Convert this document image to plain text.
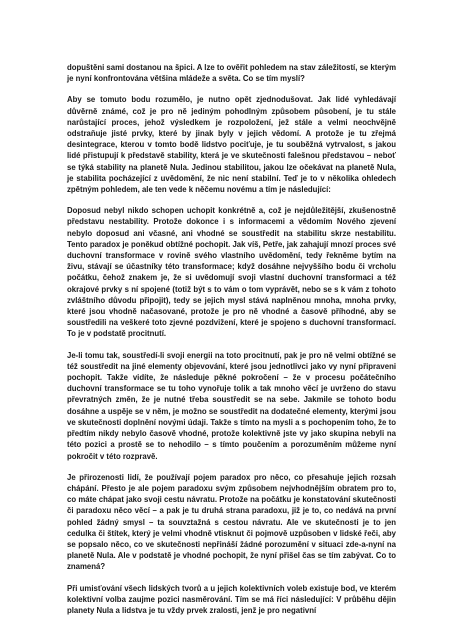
dopuštěni sami dostanou na špici. A lze to ověřit pohledem na stav záležitostí, se kterým je nyní konfrontována většina mládeže a světa. Co se tím myslí?

Aby se tomuto bodu rozumělo, je nutno opět zjednodušovat. Jak lidé vyhledávají důvěrně známé, což je pro ně jediným pohodlným způsobem působení, je tu stále narůstající proces, jehož výsledkem je rozpoložení, jež stále a velmi neochvějně odstraňuje jisté prvky, které by jinak byly v jejich vědomí. A protože je tu zřejmá desintegrace, kterou v tomto bodě lidstvo pociťuje, je tu souběžná vytrvalost, s jakou lidé přistupují k představě stability, která je ve skutečnosti falešnou představou – neboť se týká stability na planetě Nula. Jedinou stabilitou, jakou lze očekávat na planetě Nula, je stabilita pocházející z uvědomění, že nic není stabilní. Teď je to v několika ohledech zpětným pohledem, ale ten vede k něčemu novému a tím je následující:

Doposud nebyl nikdo schopen uchopit konkrétně a, což je nejdůležitější, zkušenostně představu nestability. Protože dokonce i s informacemi a vědomím Nového zjevení nebylo doposud ani včasné, ani vhodné se soustředit na stabilitu skrze nestabilitu. Tento paradox je poněkud obtížné pochopit. Jak víš, Petře, jak zahajují mnozí proces své duchovní transformace v rovině svého vlastního uvědomění, tedy řekněme bytím na živu, stávají se účastníky této transformace; když dosáhne nejvyššího bodu či vrcholu počátku, čehož znakem je, že si uvědomují svoji vlastní duchovní transformaci a též okrajové prvky s ní spojené (totiž být s to vám o tom vyprávět, nebo se s k vám z tohoto zvláštního důvodu připojit), tedy se jejich mysl stává naplněnou mnoha, mnoha prvky, které jsou vhodně načasované, protože je pro ně vhodné a časově příhodné, aby se soustředili na veškeré toto zjevné pozdvižení, které je spojeno s duchovní transformací. To je v podstatě procitnutí.

Je-li tomu tak, soustředí-li svoji energii na toto procitnutí, pak je pro ně velmi obtížné se též soustředit na jiné elementy objevování, které jsou jednotlivci jako vy nyní připraveni pochopit. Takže vidíte, že následuje pěkné pokročení – že v procesu počátečního duchovní transformace se tu toho vynořuje tolik a tak mnoho věcí je uvrženo do stavu převratných změn, že je nutné třeba soustředit se na sebe. Jakmile se tohoto bodu dosáhne a uspěje se v něm, je možno se soustředit na dodatečné elementy, kterými jsou ve skutečnosti doplnění novými údaji. Takže s tímto na mysli a s pochopením toho, že to předtím nikdy nebylo časově vhodné, protože kolektivně jste vy jako skupina nebyli na této pozici a prostě se to nehodilo – s tímto poučením a porozuměním můžeme nyní pokročit v této rozpravě.

Je přirozenosti lidí, že používají pojem paradox pro něco, co přesahuje jejich rozsah chápání. Přesto je ale pojem paradoxu svým způsobem nejvhodnějším obratem pro to, co máte chápat jako svoji cestu návratu. Protože na počátku je konstatování skutečnosti či paradoxu něco věcí – a pak je tu druhá strana paradoxu, již je to, co nedává na první pohled žádný smysl – ta souvztažná s cestou návratu. Ale ve skutečnosti je to jen cedulka či štítek, který je velmi vhodně vtisknut či pojmově uzpůsoben v lidské řeči, aby se popsalo něco, co ve skutečnosti nepřináší žádné porozumění v situaci zde-a-nyní na planetě Nula. Ale v podstatě je vhodné pochopit, že nyní přišel čas se tím zabývat. Co to znamená?

Při umisťování všech lidských tvorů a u jejich kolektivních voleb existuje bod, ve kterém kolektivní volba zaujme pozici nasměrování. Tím se má říci následující: V průběhu dějin planety Nula a lidstva je tu vždy prvek zralosti, jenž je pro negativní
